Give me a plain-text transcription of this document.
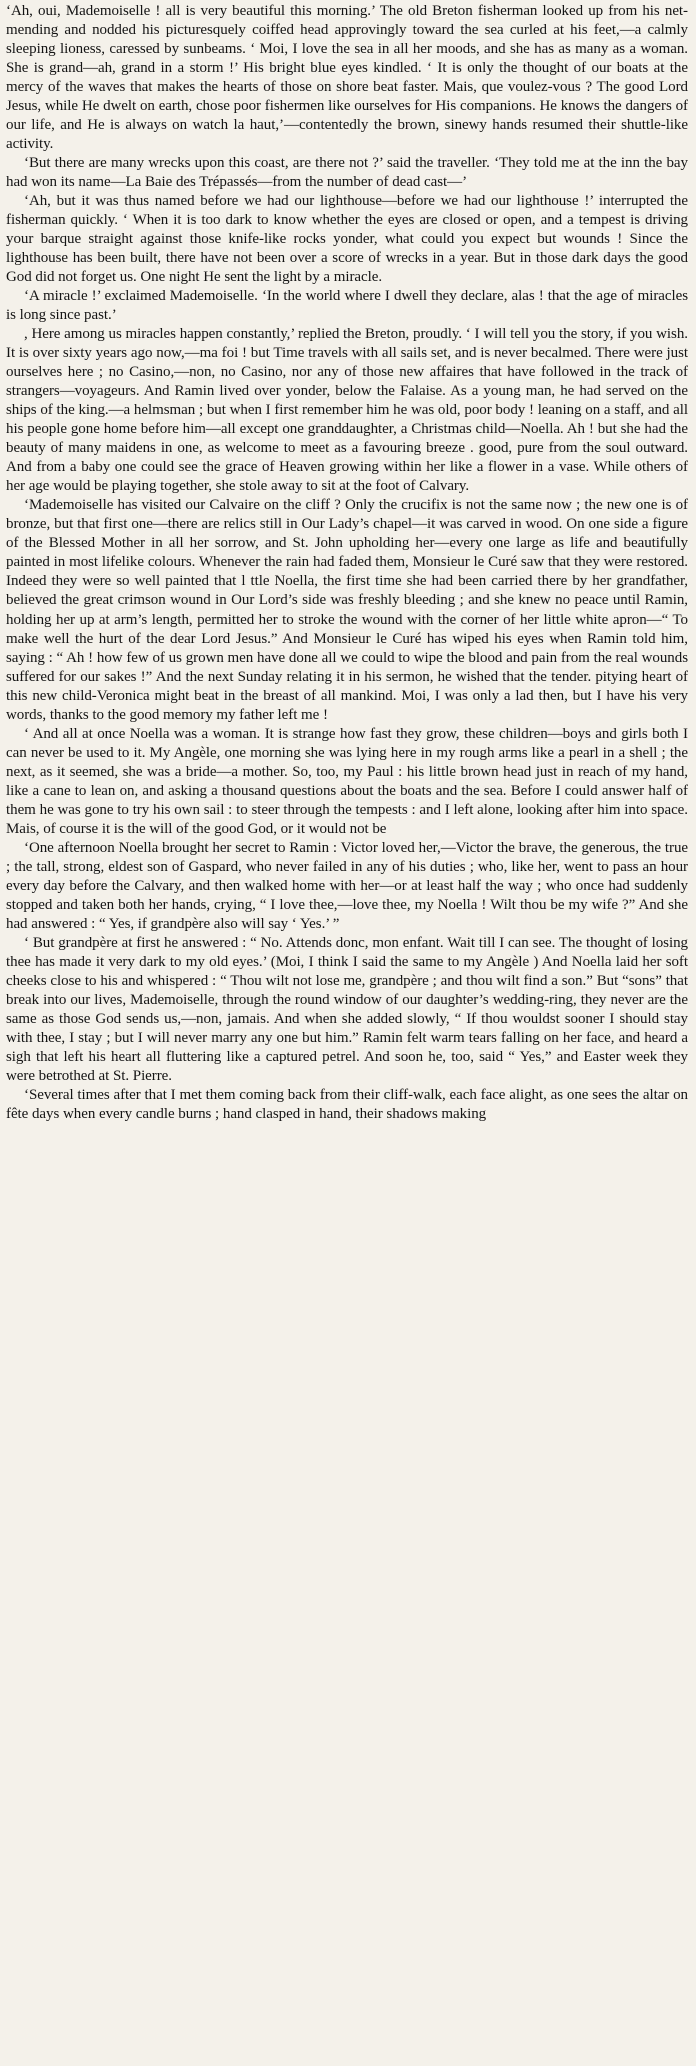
‘Ah, oui, Mademoiselle ! all is very beautiful this morning.’ The old Breton fisherman looked up from his net-mending and nodded his picturesquely coiffed head approvingly toward the sea curled at his feet,—a calmly sleeping lioness, caressed by sunbeams. ‘ Moi, I love the sea in all her moods, and she has as many as a woman. She is grand—ah, grand in a storm !’ His bright blue eyes kindled. ‘ It is only the thought of our boats at the mercy of the waves that makes the hearts of those on shore beat faster. Mais, que voulez-vous ? The good Lord Jesus, while He dwelt on earth, chose poor fishermen like ourselves for His companions. He knows the dangers of our life, and He is always on watch la haut,’—contentedly the brown, sinewy hands resumed their shuttle-like activity.

‘But there are many wrecks upon this coast, are there not ?’ said the traveller. ‘They told me at the inn the bay had won its name—La Baie des Trépassés—from the number of dead cast—’

‘Ah, but it was thus named before we had our lighthouse—before we had our lighthouse !’ interrupted the fisherman quickly. ‘ When it is too dark to know whether the eyes are closed or open, and a tempest is driving your barque straight against those knife-like rocks yonder, what could you expect but wounds ! Since the lighthouse has been built, there have not been over a score of wrecks in a year. But in those dark days the good God did not forget us. One night He sent the light by a miracle.

‘A miracle !’ exclaimed Mademoiselle. ‘In the world where I dwell they declare, alas ! that the age of miracles is long since past.’

, Here among us miracles happen constantly,’ replied the Breton, proudly. ‘ I will tell you the story, if you wish. It is over sixty years ago now,—ma foi ! but Time travels with all sails set, and is never becalmed. There were just ourselves here ; no Casino,—non, no Casino, nor any of those new affaires that have followed in the track of strangers—voyageurs. And Ramin lived over yonder, below the Falaise. As a young man, he had served on the ships of the king.—a helmsman ; but when I first remember him he was old, poor body ! leaning on a staff, and all his people gone home before him—all except one granddaughter, a Christmas child—Noella. Ah ! but she had the beauty of many maidens in one, as welcome to meet as a favouring breeze . good, pure from the soul outward. And from a baby one could see the grace of Heaven growing within her like a flower in a vase. While others of her age would be playing together, she stole away to sit at the foot of Calvary.

‘Mademoiselle has visited our Calvaire on the cliff ? Only the crucifix is not the same now ; the new one is of bronze, but that first one—there are relics still in Our Lady’s chapel—it was carved in wood. On one side a figure of the Blessed Mother in all her sorrow, and St. John upholding her—every one large as life and beautifully painted in most lifelike colours. Whenever the rain had faded them, Monsieur le Curé saw that they were restored. Indeed they were so well painted that l ttle Noella, the first time she had been carried there by her grandfather, believed the great crimson wound in Our Lord’s side was freshly bleeding ; and she knew no peace until Ramin, holding her up at arm’s length, permitted her to stroke the wound with the corner of her little white apron—“ To make well the hurt of the dear Lord Jesus.” And Monsieur le Curé has wiped his eyes when Ramin told him, saying : “ Ah ! how few of us grown men have done all we could to wipe the blood and pain from the real wounds suffered for our sakes !” And the next Sunday relating it in his sermon, he wished that the tender. pitying heart of this new child-Veronica might beat in the breast of all mankind. Moi, I was only a lad then, but I have his very words, thanks to the good memory my father left me !

‘ And all at once Noella was a woman. It is strange how fast they grow, these children—boys and girls both I can never be used to it. My Angèle, one morning she was lying here in my rough arms like a pearl in a shell ; the next, as it seemed, she was a bride—a mother. So, too, my Paul : his little brown head just in reach of my hand, like a cane to lean on, and asking a thousand questions about the boats and the sea. Before I could answer half of them he was gone to try his own sail : to steer through the tempests : and I left alone, looking after him into space. Mais, of course it is the will of the good God, or it would not be

‘One afternoon Noella brought her secret to Ramin : Victor loved her,—Victor the brave, the generous, the true ; the tall, strong, eldest son of Gaspard, who never failed in any of his duties ; who, like her, went to pass an hour every day before the Calvary, and then walked home with her—or at least half the way ; who once had suddenly stopped and taken both her hands, crying, “ I love thee,—love thee, my Noella ! Wilt thou be my wife ?” And she had answered : “ Yes, if grandpère also will say ‘ Yes.’ ”

‘ But grandpère at first he answered : “ No. Attends donc, mon enfant. Wait till I can see. The thought of losing thee has made it very dark to my old eyes.’ (Moi, I think I said the same to my Angèle ) And Noella laid her soft cheeks close to his and whispered : “ Thou wilt not lose me, grandpère ; and thou wilt find a son.” But “sons” that break into our lives, Mademoiselle, through the round window of our daughter’s wedding-ring, they never are the same as those God sends us,—non, jamais. And when she added slowly, “ If thou wouldst sooner I should stay with thee, I stay ; but I will never marry any one but him.” Ramin felt warm tears falling on her face, and heard a sigh that left his heart all fluttering like a captured petrel. And soon he, too, said “ Yes,” and Easter week they were betrothed at St. Pierre.

‘Several times after that I met them coming back from their cliff-walk, each face alight, as one sees the altar on fête days when every candle burns ; hand clasped in hand, their shadows making
